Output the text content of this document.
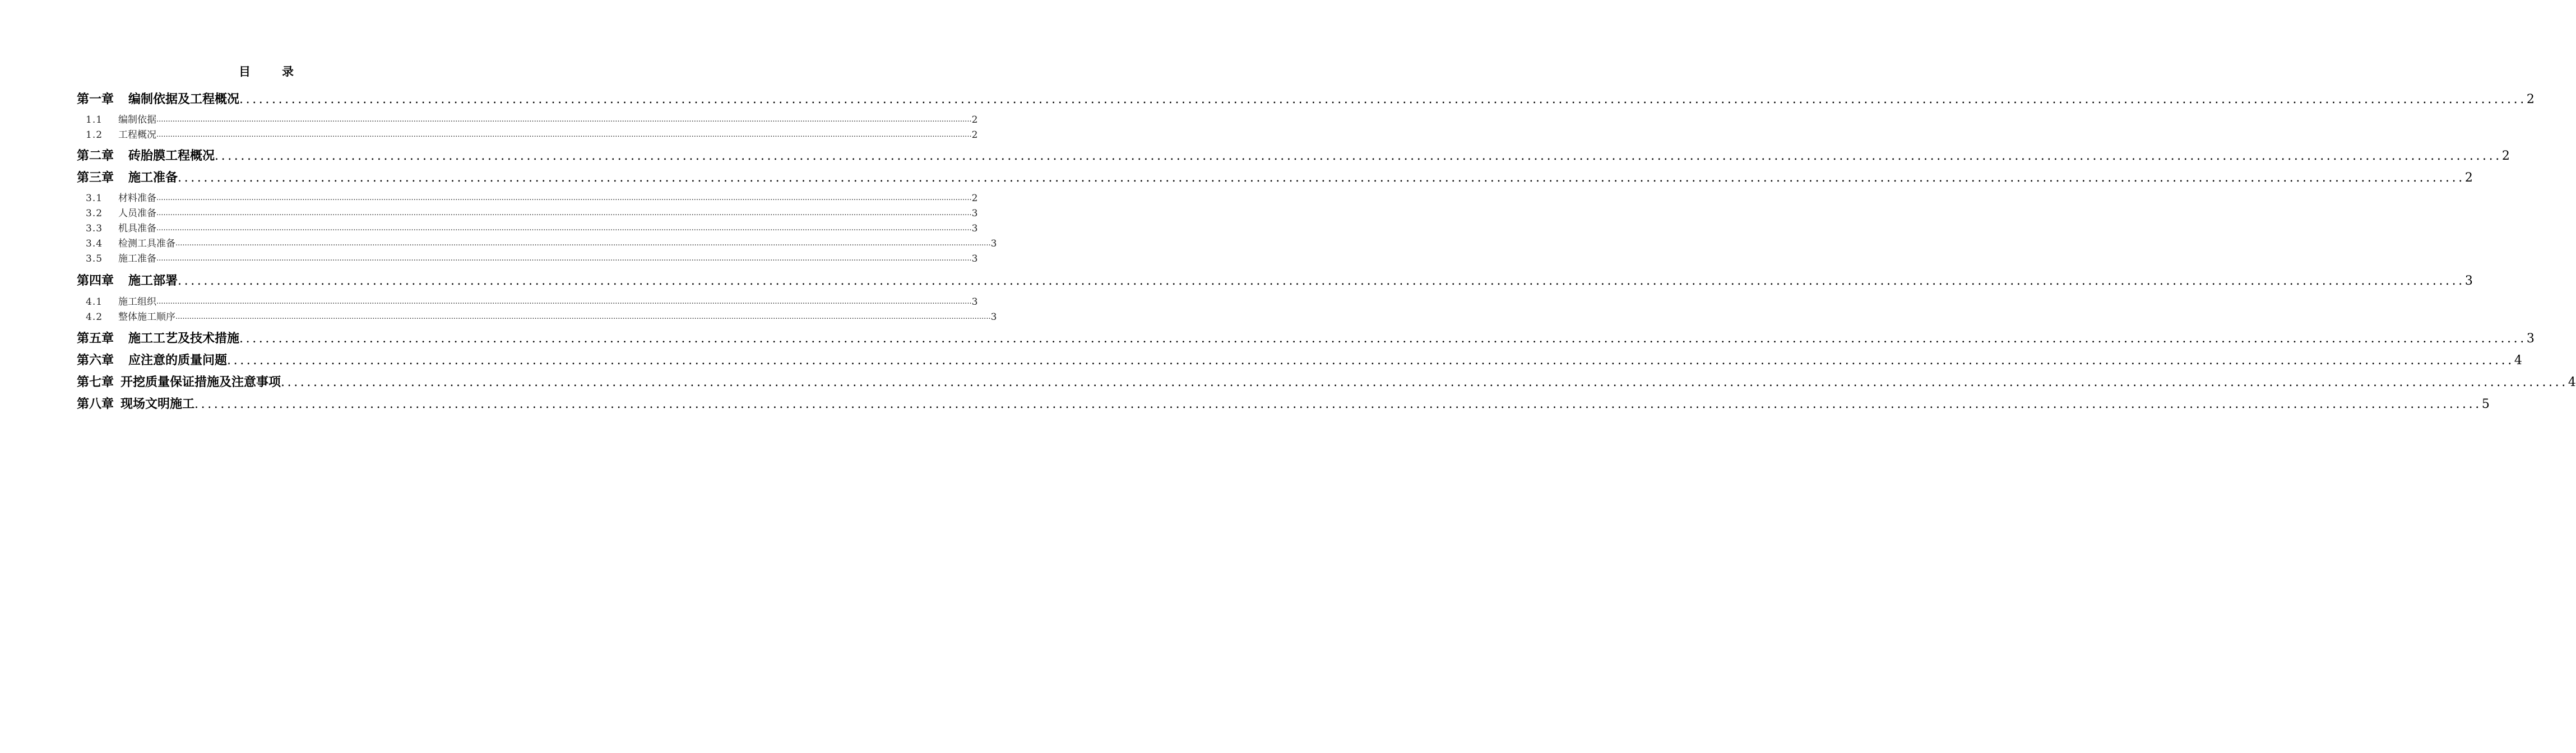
目	录
第一章 编制依据及工程概况 ................................................................................................................................................................................................................................................................................................................................................................ 2
1.1 编制依据 ................................................................................................................................................................................................................................................................................................................................................................ 2
1.2 工程概况 ................................................................................................................................................................................................................................................................................................................................................................ 2
第二章 砖胎膜工程概况 ................................................................................................................................................................................................................................................................................................................................................................ 2
第三章 施工准备 ................................................................................................................................................................................................................................................................................................................................................................ 2
3.1 材料准备 ................................................................................................................................................................................................................................................................................................................................................................ 2
3.2 人员准备 ................................................................................................................................................................................................................................................................................................................................................................ 3
3.3 机具准备 ................................................................................................................................................................................................................................................................................................................................................................ 3
3.4 检测工具准备 ................................................................................................................................................................................................................................................................................................................................................................ 3
3.5 施工准备 ................................................................................................................................................................................................................................................................................................................................................................ 3
第四章 施工部署 ................................................................................................................................................................................................................................................................................................................................................................ 3
4.1 施工组织 ................................................................................................................................................................................................................................................................................................................................................................ 3
4.2 整体施工顺序 ................................................................................................................................................................................................................................................................................................................................................................ 3
第五章 施工工艺及技术措施 ................................................................................................................................................................................................................................................................................................................................................................ 3
第六章 应注意的质量问题 ................................................................................................................................................................................................................................................................................................................................................................ 4
第七章 开挖质量保证措施及注意事项 ................................................................................................................................................................................................................................................................................................................................................................ 4
第八章 现场文明施工 ................................................................................................................................................................................................................................................................................................................................................................ 5
